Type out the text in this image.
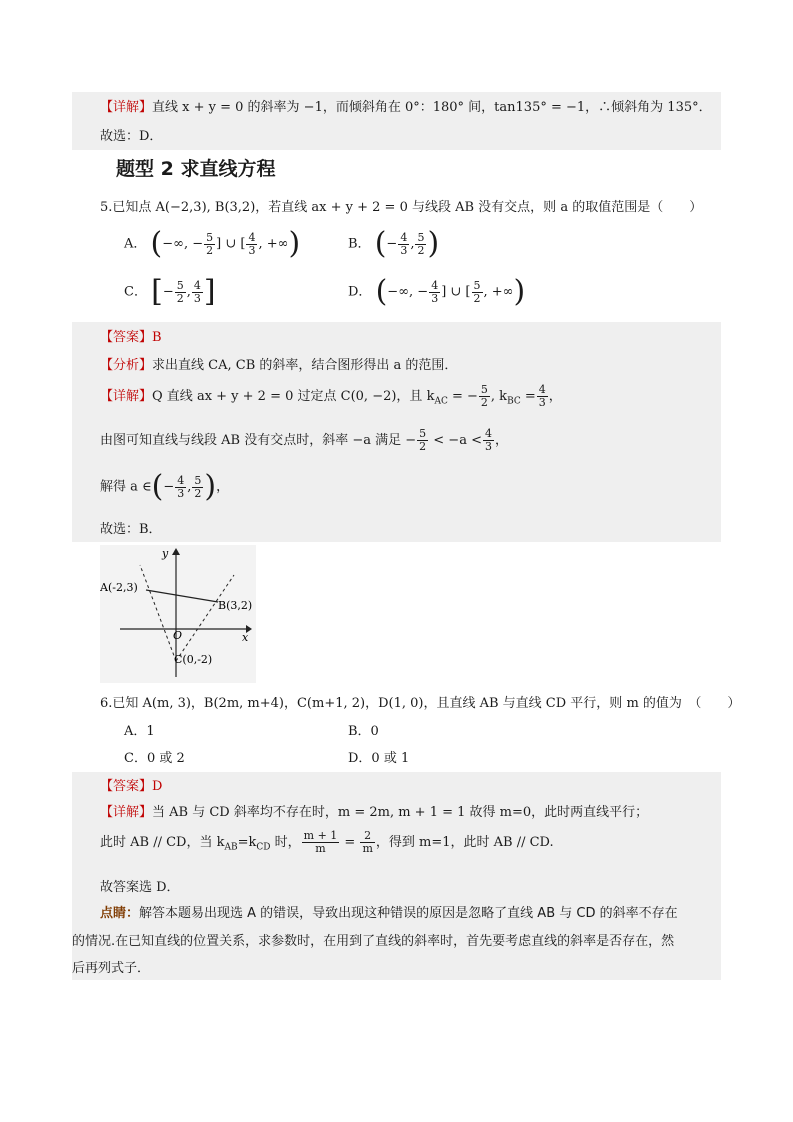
【详解】直线 x + y = 0 的斜率为 −1，而倾斜角在 0°：180° 间，tan135° = −1，∴倾斜角为 135°．
故选：D．
题型 2 求直线方程
5.已知点 A(−2,3), B(3,2)，若直线 ax + y + 2 = 0 与线段 AB 没有交点，则 a 的取值范围是（　　）
A． (−∞, − $\frac{5}{2}$ ] ∪ [ $\frac{4}{3}$ , +∞)	B． (− $\frac{4}{3}$ , $\frac{5}{2}$ )
C． [− $\frac{5}{2}$ , $\frac{4}{3}$ ]	D． (−∞, − $\frac{4}{3}$ ] ∪ [ $\frac{5}{2}$ , +∞)
【答案】B
【分析】求出直线 CA, CB 的斜率，结合图形得出 a 的范围．
【详解】Q 直线 ax + y + 2 = 0 过定点 C(0, −2)，且 $k_{AC}$ = − $\frac{5}{2}$ , $k_{BC} = \frac{4}{3}$ ，
由图可知直线与线段 AB 没有交点时，斜率 −a 满足 − $\frac{5}{2} < -a < \frac{4}{3}$ ，
解得 a ∈(− $\frac{4}{3}$ , $\frac{5}{2}$ )，
故选：B．
y
x
O
A(-2,3)
B(3,2)
C(0,-2)
6.已知 A(m, 3)，B(2m, m+4)，C(m+1, 2)，D(1, 0)，且直线 AB 与直线 CD 平行，则 m 的值为　（　　）
A．1	B．0
C．0 或 2	D．0 或 1
【答案】D
【详解】当 AB 与 CD 斜率均不存在时，m = 2m, m + 1 = 1 故得 m=0，此时两直线平行；
此时 AB // CD，当 $k_{AB}=k_{CD}$ 时， $\frac{m + 1}{m} = \frac{2}{m}$ ，得到 m=1，此时 AB // CD.
故答案选 D．
点睛：解答本题易出现选 A 的错误，导致出现这种错误的原因是忽略了直线 AB 与 CD 的斜率不存在
的情况.在已知直线的位置关系，求参数时，在用到了直线的斜率时，首先要考虑直线的斜率是否存在，然
后再列式子．
